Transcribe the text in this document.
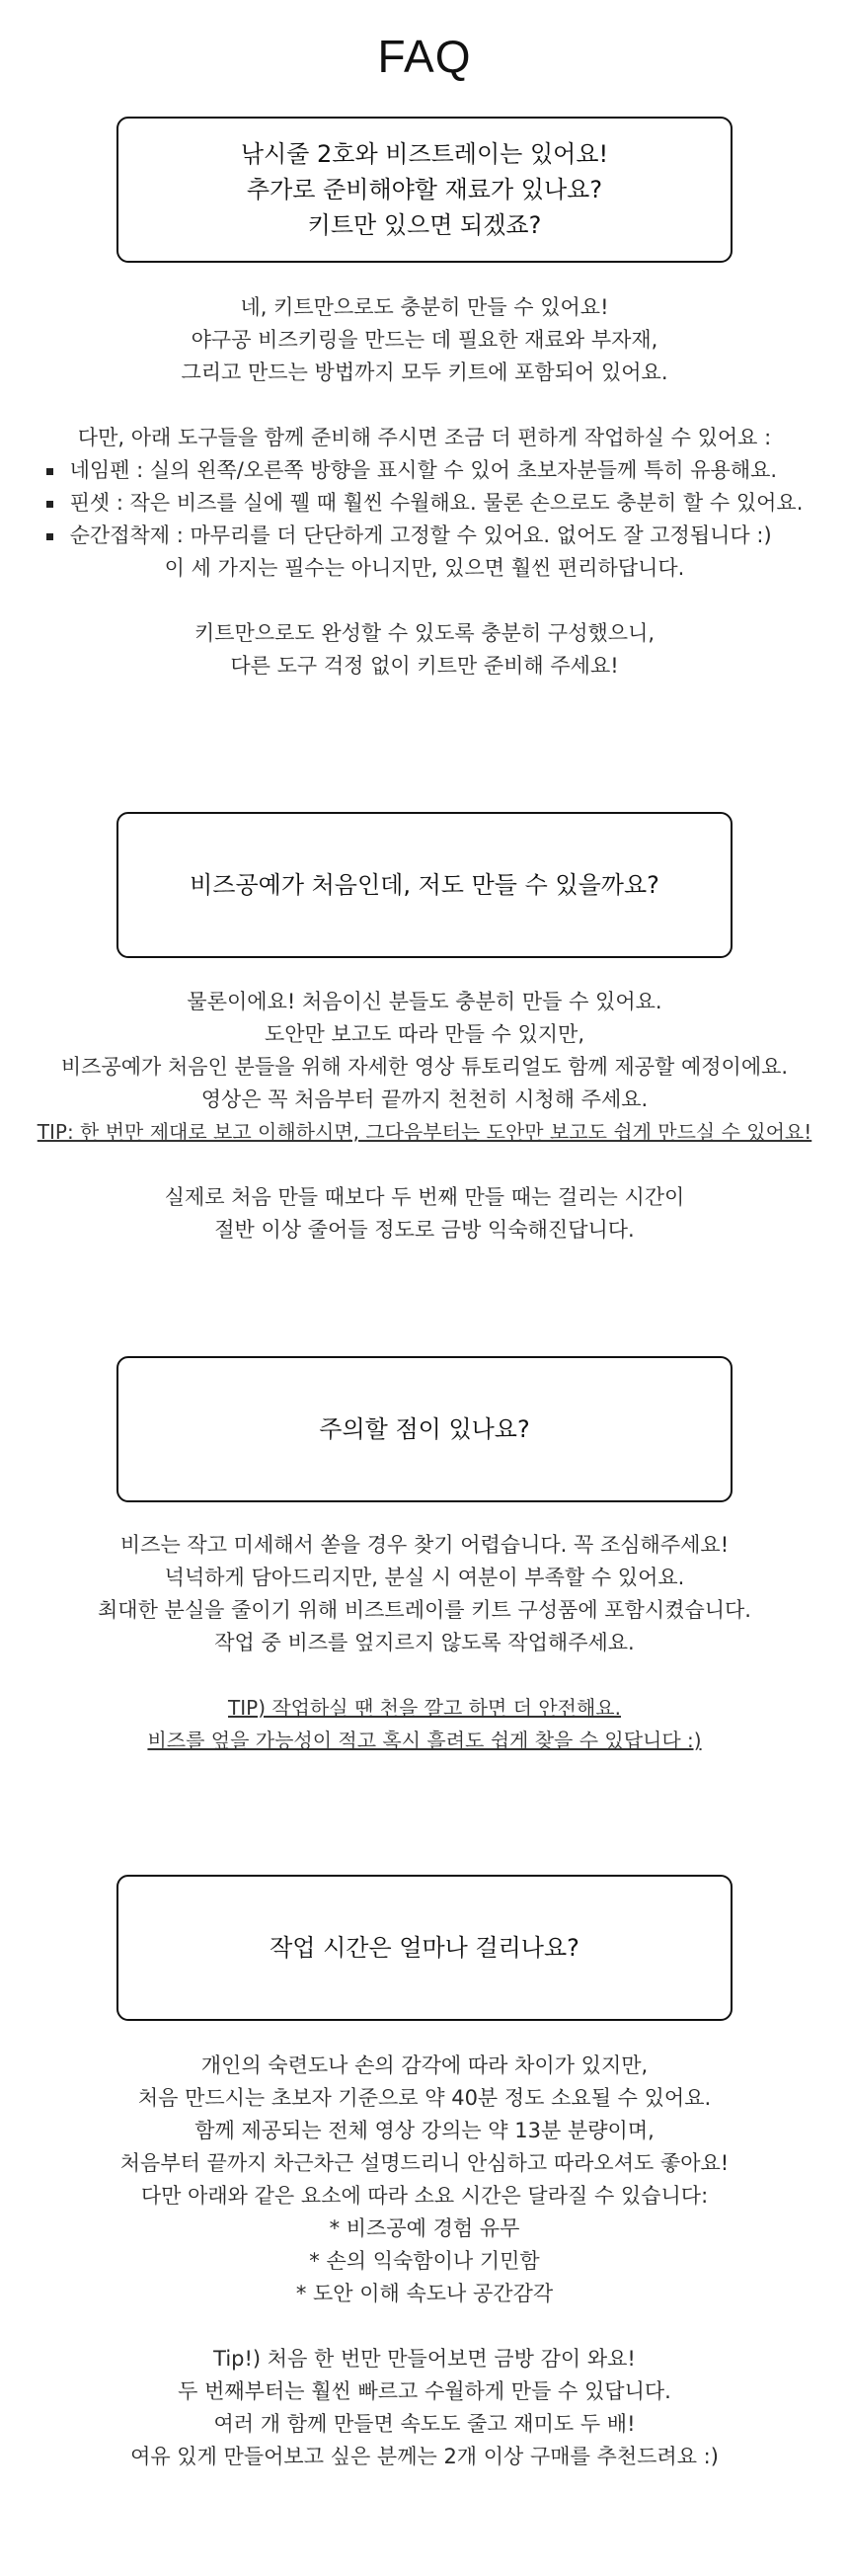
FAQ
낚시줄 2호와 비즈트레이는 있어요!
추가로 준비해야할 재료가 있나요?
키트만 있으면 되겠죠?
네, 키트만으로도 충분히 만들 수 있어요!
야구공 비즈키링을 만드는 데 필요한 재료와 부자재,
그리고 만드는 방법까지 모두 키트에 포함되어 있어요.
다만, 아래 도구들을 함께 준비해 주시면 조금 더 편하게 작업하실 수 있어요 :
네임펜 : 실의 왼쪽/오른쪽 방향을 표시할 수 있어 초보자분들께 특히 유용해요.
핀셋 : 작은 비즈를 실에 꿸 때 훨씬 수월해요. 물론 손으로도 충분히 할 수 있어요.
순간접착제 : 마무리를 더 단단하게 고정할 수 있어요. 없어도 잘 고정됩니다 :)
이 세 가지는 필수는 아니지만, 있으면 훨씬 편리하답니다.
키트만으로도 완성할 수 있도록 충분히 구성했으니,
다른 도구 걱정 없이 키트만 준비해 주세요!
비즈공예가 처음인데, 저도 만들 수 있을까요?
물론이에요! 처음이신 분들도 충분히 만들 수 있어요.
도안만 보고도 따라 만들 수 있지만,
비즈공예가 처음인 분들을 위해 자세한 영상 튜토리얼도 함께 제공할 예정이에요.
영상은 꼭 처음부터 끝까지 천천히 시청해 주세요.
TIP: 한 번만 제대로 보고 이해하시면, 그다음부터는 도안만 보고도 쉽게 만드실 수 있어요!
실제로 처음 만들 때보다 두 번째 만들 때는 걸리는 시간이
절반 이상 줄어들 정도로 금방 익숙해진답니다.
주의할 점이 있나요?
비즈는 작고 미세해서 쏟을 경우 찾기 어렵습니다. 꼭 조심해주세요!
넉넉하게 담아드리지만, 분실 시 여분이 부족할 수 있어요.
최대한 분실을 줄이기 위해 비즈트레이를 키트 구성품에 포함시켰습니다.
작업 중 비즈를 엎지르지 않도록 작업해주세요.
TIP) 작업하실 땐 천을 깔고 하면 더 안전해요.
비즈를 엎을 가능성이 적고 혹시 흘려도 쉽게 찾을 수 있답니다 :)
작업 시간은 얼마나 걸리나요?
개인의 숙련도나 손의 감각에 따라 차이가 있지만,
처음 만드시는 초보자 기준으로 약 40분 정도 소요될 수 있어요.
함께 제공되는 전체 영상 강의는 약 13분 분량이며,
처음부터 끝까지 차근차근 설명드리니 안심하고 따라오셔도 좋아요!
다만 아래와 같은 요소에 따라 소요 시간은 달라질 수 있습니다:
* 비즈공예 경험 유무
* 손의 익숙함이나 기민함
* 도안 이해 속도나 공간감각
Tip!) 처음 한 번만 만들어보면 금방 감이 와요!
두 번째부터는 훨씬 빠르고 수월하게 만들 수 있답니다.
여러 개 함께 만들면 속도도 줄고 재미도 두 배!
여유 있게 만들어보고 싶은 분께는 2개 이상 구매를 추천드려요 :)
